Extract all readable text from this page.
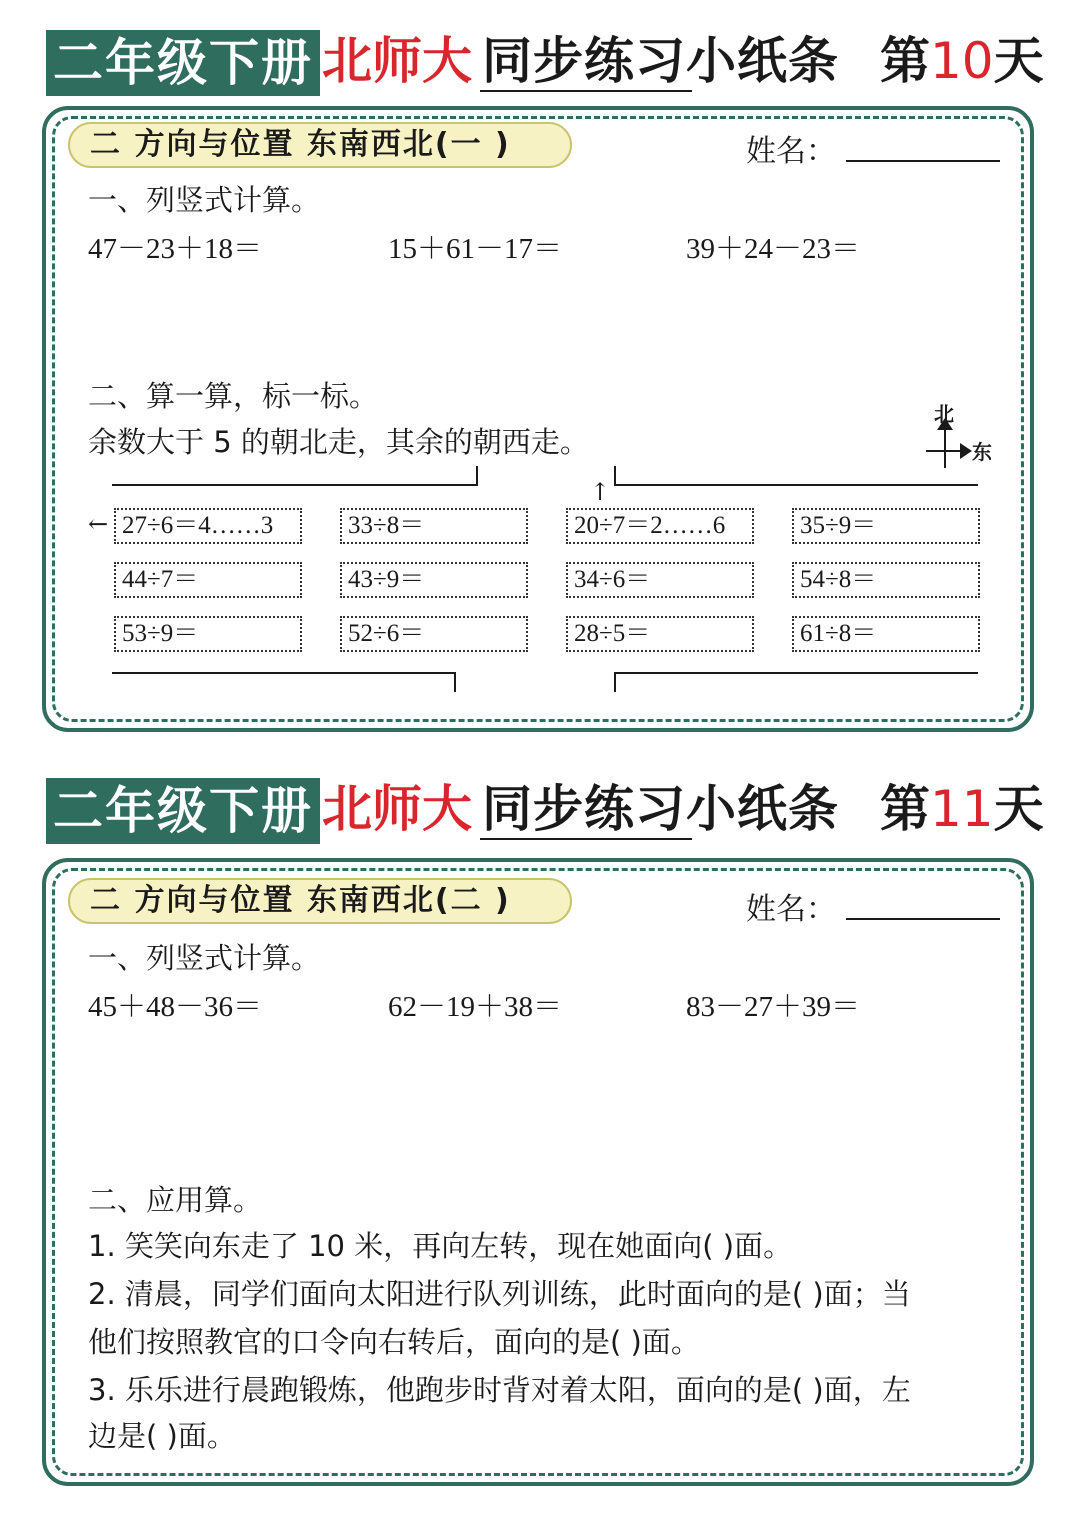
二年级下册 北师大 同步练习小纸条 第10天
二 方向与位置 东南西北(一 )	姓名：
一、列竖式计算。
47－23＋18＝	15＋61－17＝	39＋24－23＝
二、算一算，标一标。
余数大于 5 的朝北走，其余的朝西走。
北
东
←
↑
27÷6＝4……3	33÷8＝	20÷7＝2……6	35÷9＝
44÷7＝	43÷9＝	34÷6＝	54÷8＝
53÷9＝	52÷6＝	28÷5＝	61÷8＝
二年级下册 北师大 同步练习小纸条 第11天
二 方向与位置 东南西北(二 )	姓名：
一、列竖式计算。
45＋48－36＝	62－19＋38＝	83－27＋39＝
二、应用算。
1. 笑笑向东走了 10 米，再向左转，现在她面向( )面。
2. 清晨，同学们面向太阳进行队列训练，此时面向的是( )面；当
他们按照教官的口令向右转后，面向的是( )面。
3. 乐乐进行晨跑锻炼，他跑步时背对着太阳，面向的是( )面，左
边是( )面。
